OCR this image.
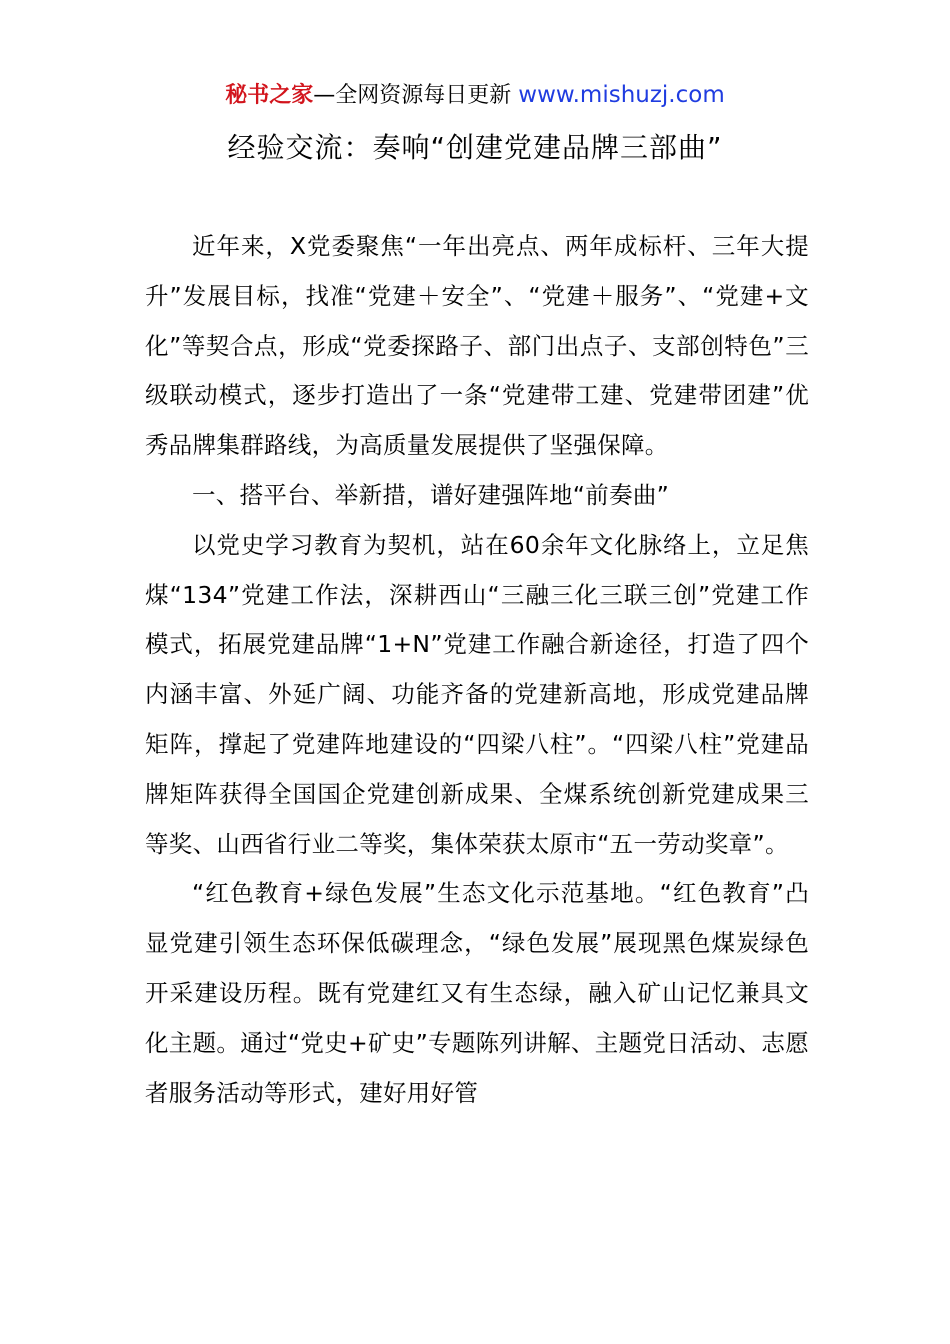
秘书之家—全网资源每日更新 www.mishuzj.com
经验交流：奏响“创建党建品牌三部曲”

近年来，X党委聚焦“一年出亮点、两年成标杆、三年大提升”发展目标，找准“党建＋安全”、“党建＋服务”、“党建+文化”等契合点，形成“党委探路子、部门出点子、支部创特色”三级联动模式，逐步打造出了一条“党建带工建、党建带团建”优秀品牌集群路线，为高质量发展提供了坚强保障。

一、搭平台、举新措，谱好建强阵地“前奏曲”

以党史学习教育为契机，站在60余年文化脉络上，立足焦煤“134”党建工作法，深耕西山“三融三化三联三创”党建工作模式，拓展党建品牌“1+N”党建工作融合新途径，打造了四个内涵丰富、外延广阔、功能齐备的党建新高地，形成党建品牌矩阵，撑起了党建阵地建设的“四梁八柱”。“四梁八柱”党建品牌矩阵获得全国国企党建创新成果、全煤系统创新党建成果三等奖、山西省行业二等奖，集体荣获太原市“五一劳动奖章”。

“红色教育+绿色发展”生态文化示范基地。“红色教育”凸显党建引领生态环保低碳理念，“绿色发展”展现黑色煤炭绿色开采建设历程。既有党建红又有生态绿，融入矿山记忆兼具文化主题。通过“党史+矿史”专题陈列讲解、主题党日活动、志愿者服务活动等形式，建好用好管
